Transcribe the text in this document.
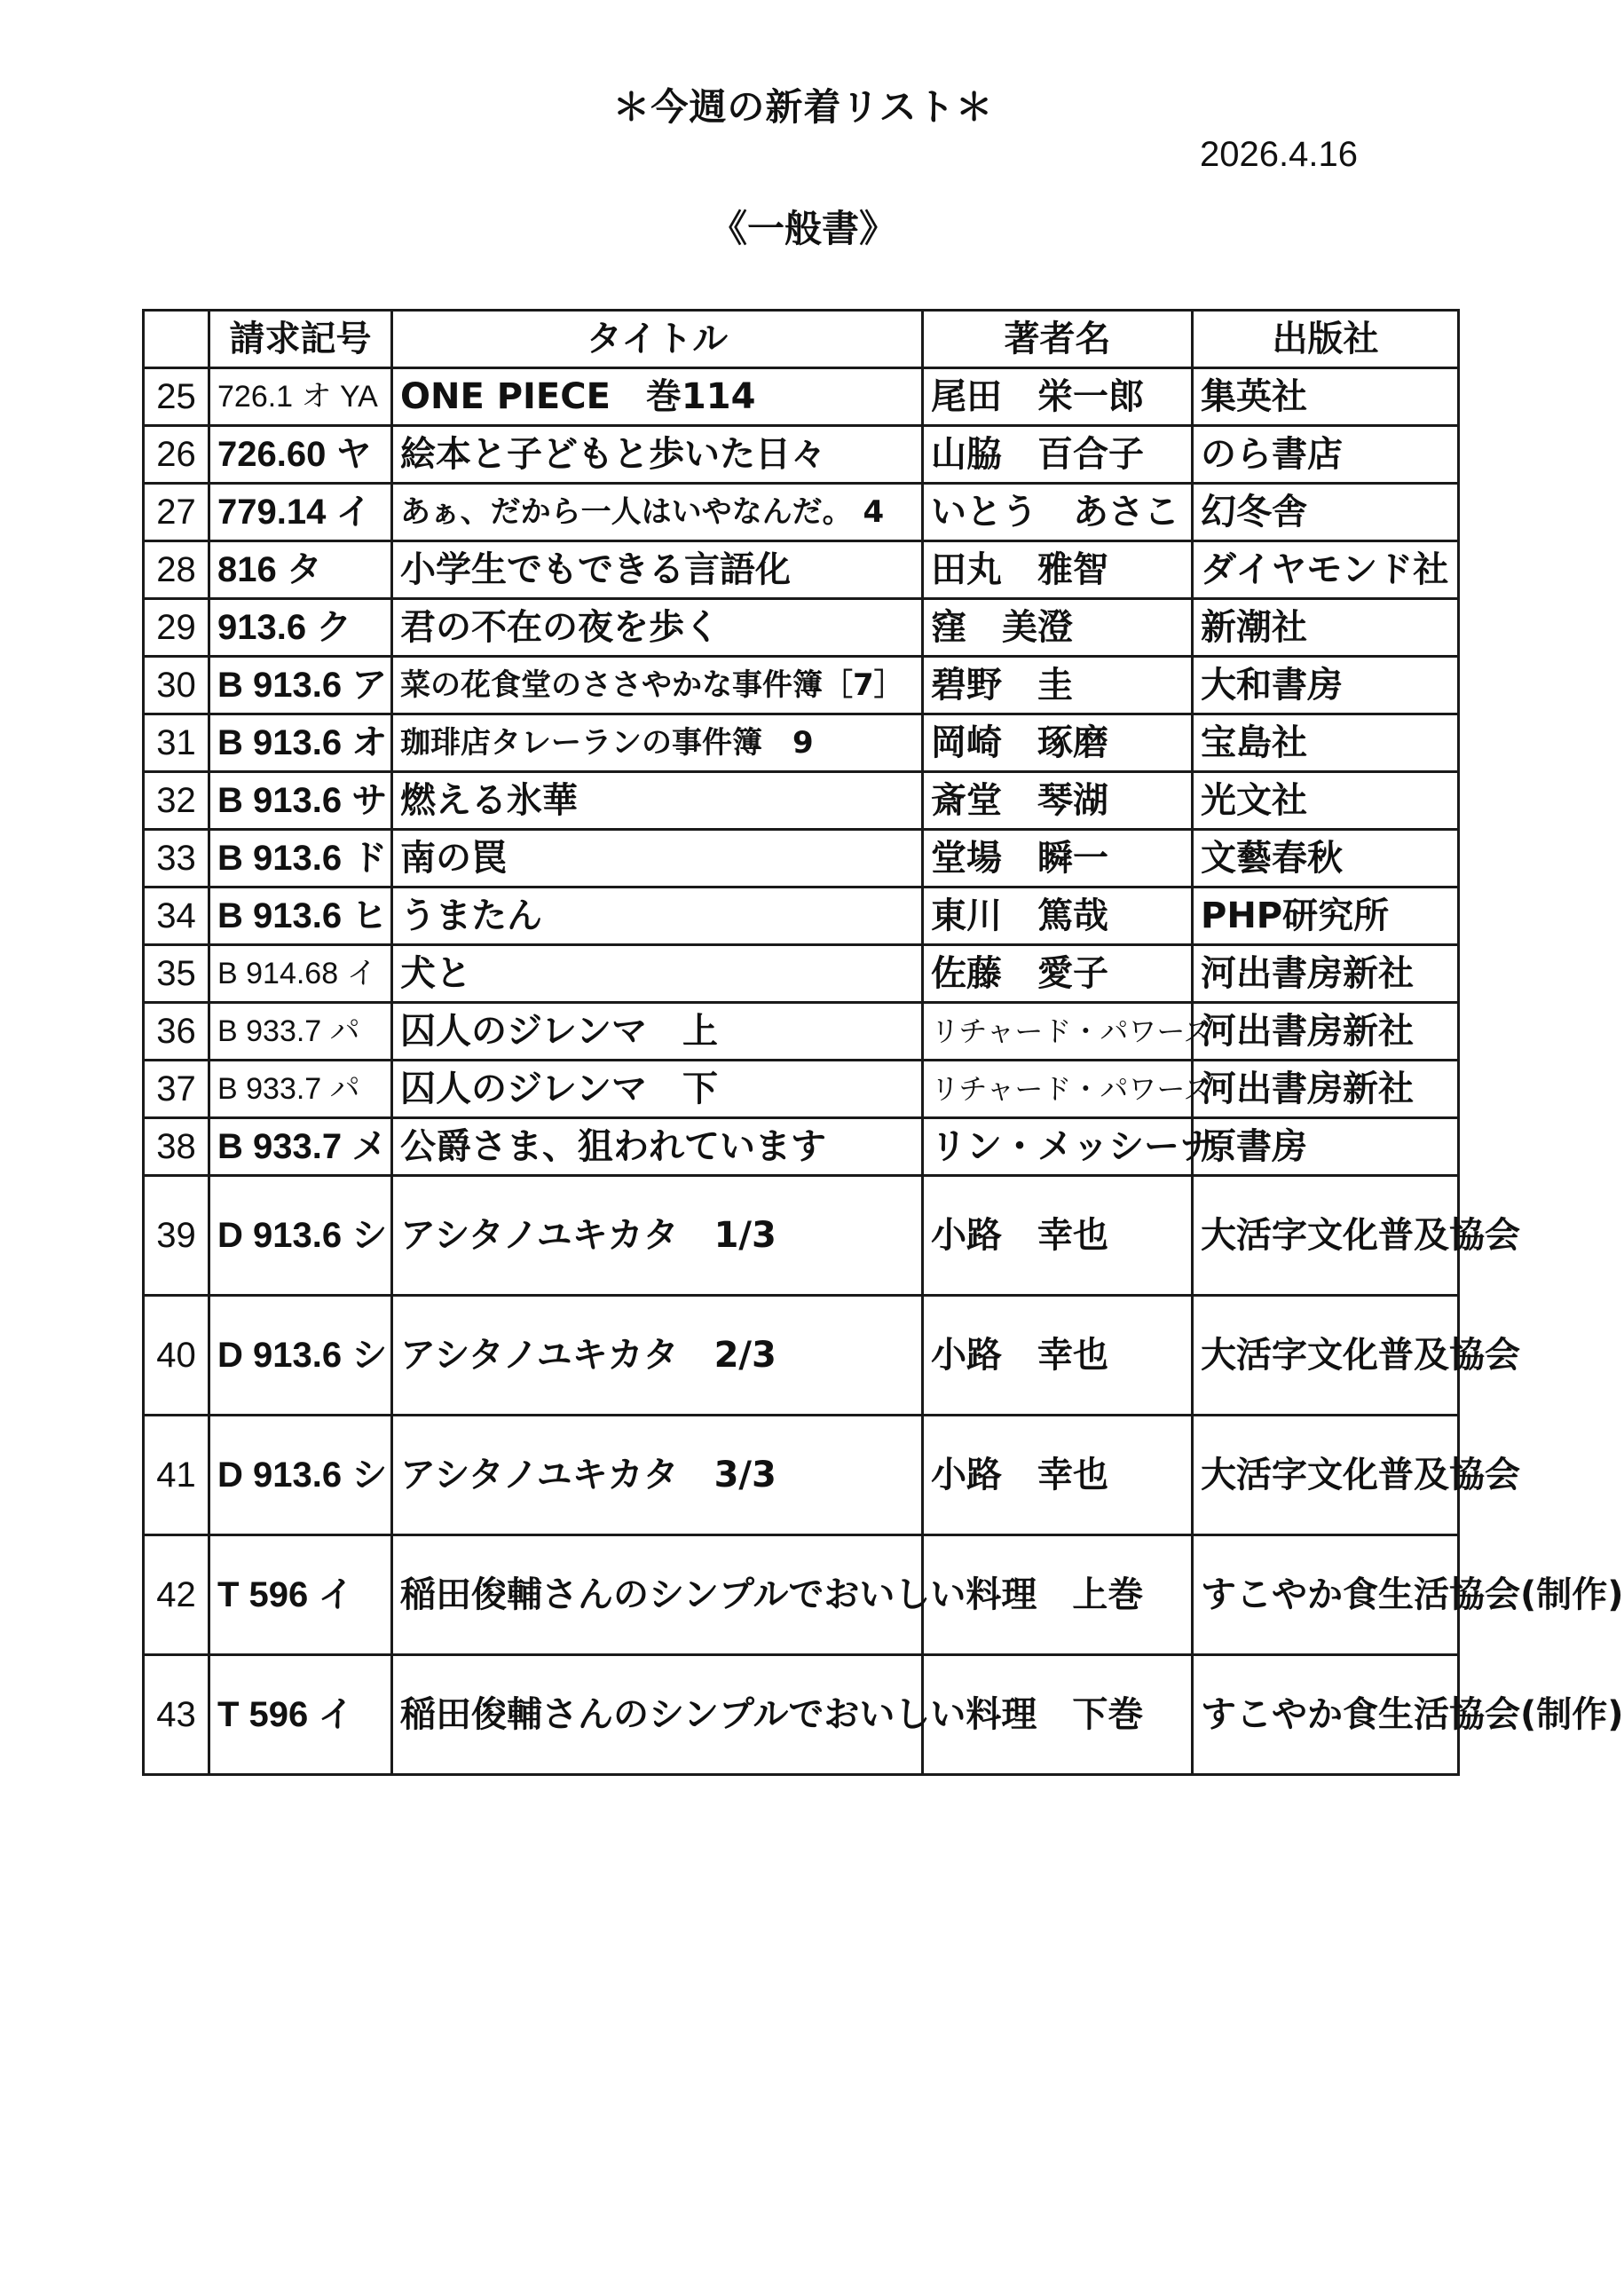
＊今週の新着リスト＊
2026.4.16
《一般書》
	請求記号	タイトル	著者名	出版社
25	726.1 オ YA	ONE PIECE　巻114	尾田　栄一郎	集英社
26	726.60 ヤ	絵本と子どもと歩いた日々	山脇　百合子	のら書店
27	779.14 イ	あぁ、だから一人はいやなんだ。 4	いとう　あさこ	幻冬舎
28	816 タ	小学生でもできる言語化	田丸　雅智	ダイヤモンド社
29	913.6 ク	君の不在の夜を歩く	窪　美澄	新潮社
30	B 913.6 ア	菜の花食堂のささやかな事件簿［7］	碧野　圭	大和書房
31	B 913.6 オ	珈琲店タレーランの事件簿　9	岡崎　琢磨	宝島社
32	B 913.6 サ	燃える氷華	斎堂　琴湖	光文社
33	B 913.6 ド	南の罠	堂場　瞬一	文藝春秋
34	B 913.6 ヒ	うまたん	東川　篤哉	PHP研究所
35	B 914.68 イ	犬と	佐藤　愛子	河出書房新社
36	B 933.7 パ	囚人のジレンマ　上	リチャード・パワーズ	河出書房新社
37	B 933.7 パ	囚人のジレンマ　下	リチャード・パワーズ	河出書房新社
38	B 933.7 メ	公爵さま、狙われています	リン・メッシーナ	原書房
39	D 913.6 シ	アシタノユキカタ　1/3	小路　幸也	大活字文化普及協会
40	D 913.6 シ	アシタノユキカタ　2/3	小路　幸也	大活字文化普及協会
41	D 913.6 シ	アシタノユキカタ　3/3	小路　幸也	大活字文化普及協会
42	T 596 イ	稲田俊輔さんのシンプルでおいしい料理　上巻		すこやか食生活協会(制作)
43	T 596 イ	稲田俊輔さんのシンプルでおいしい料理　下巻		すこやか食生活協会(制作)
